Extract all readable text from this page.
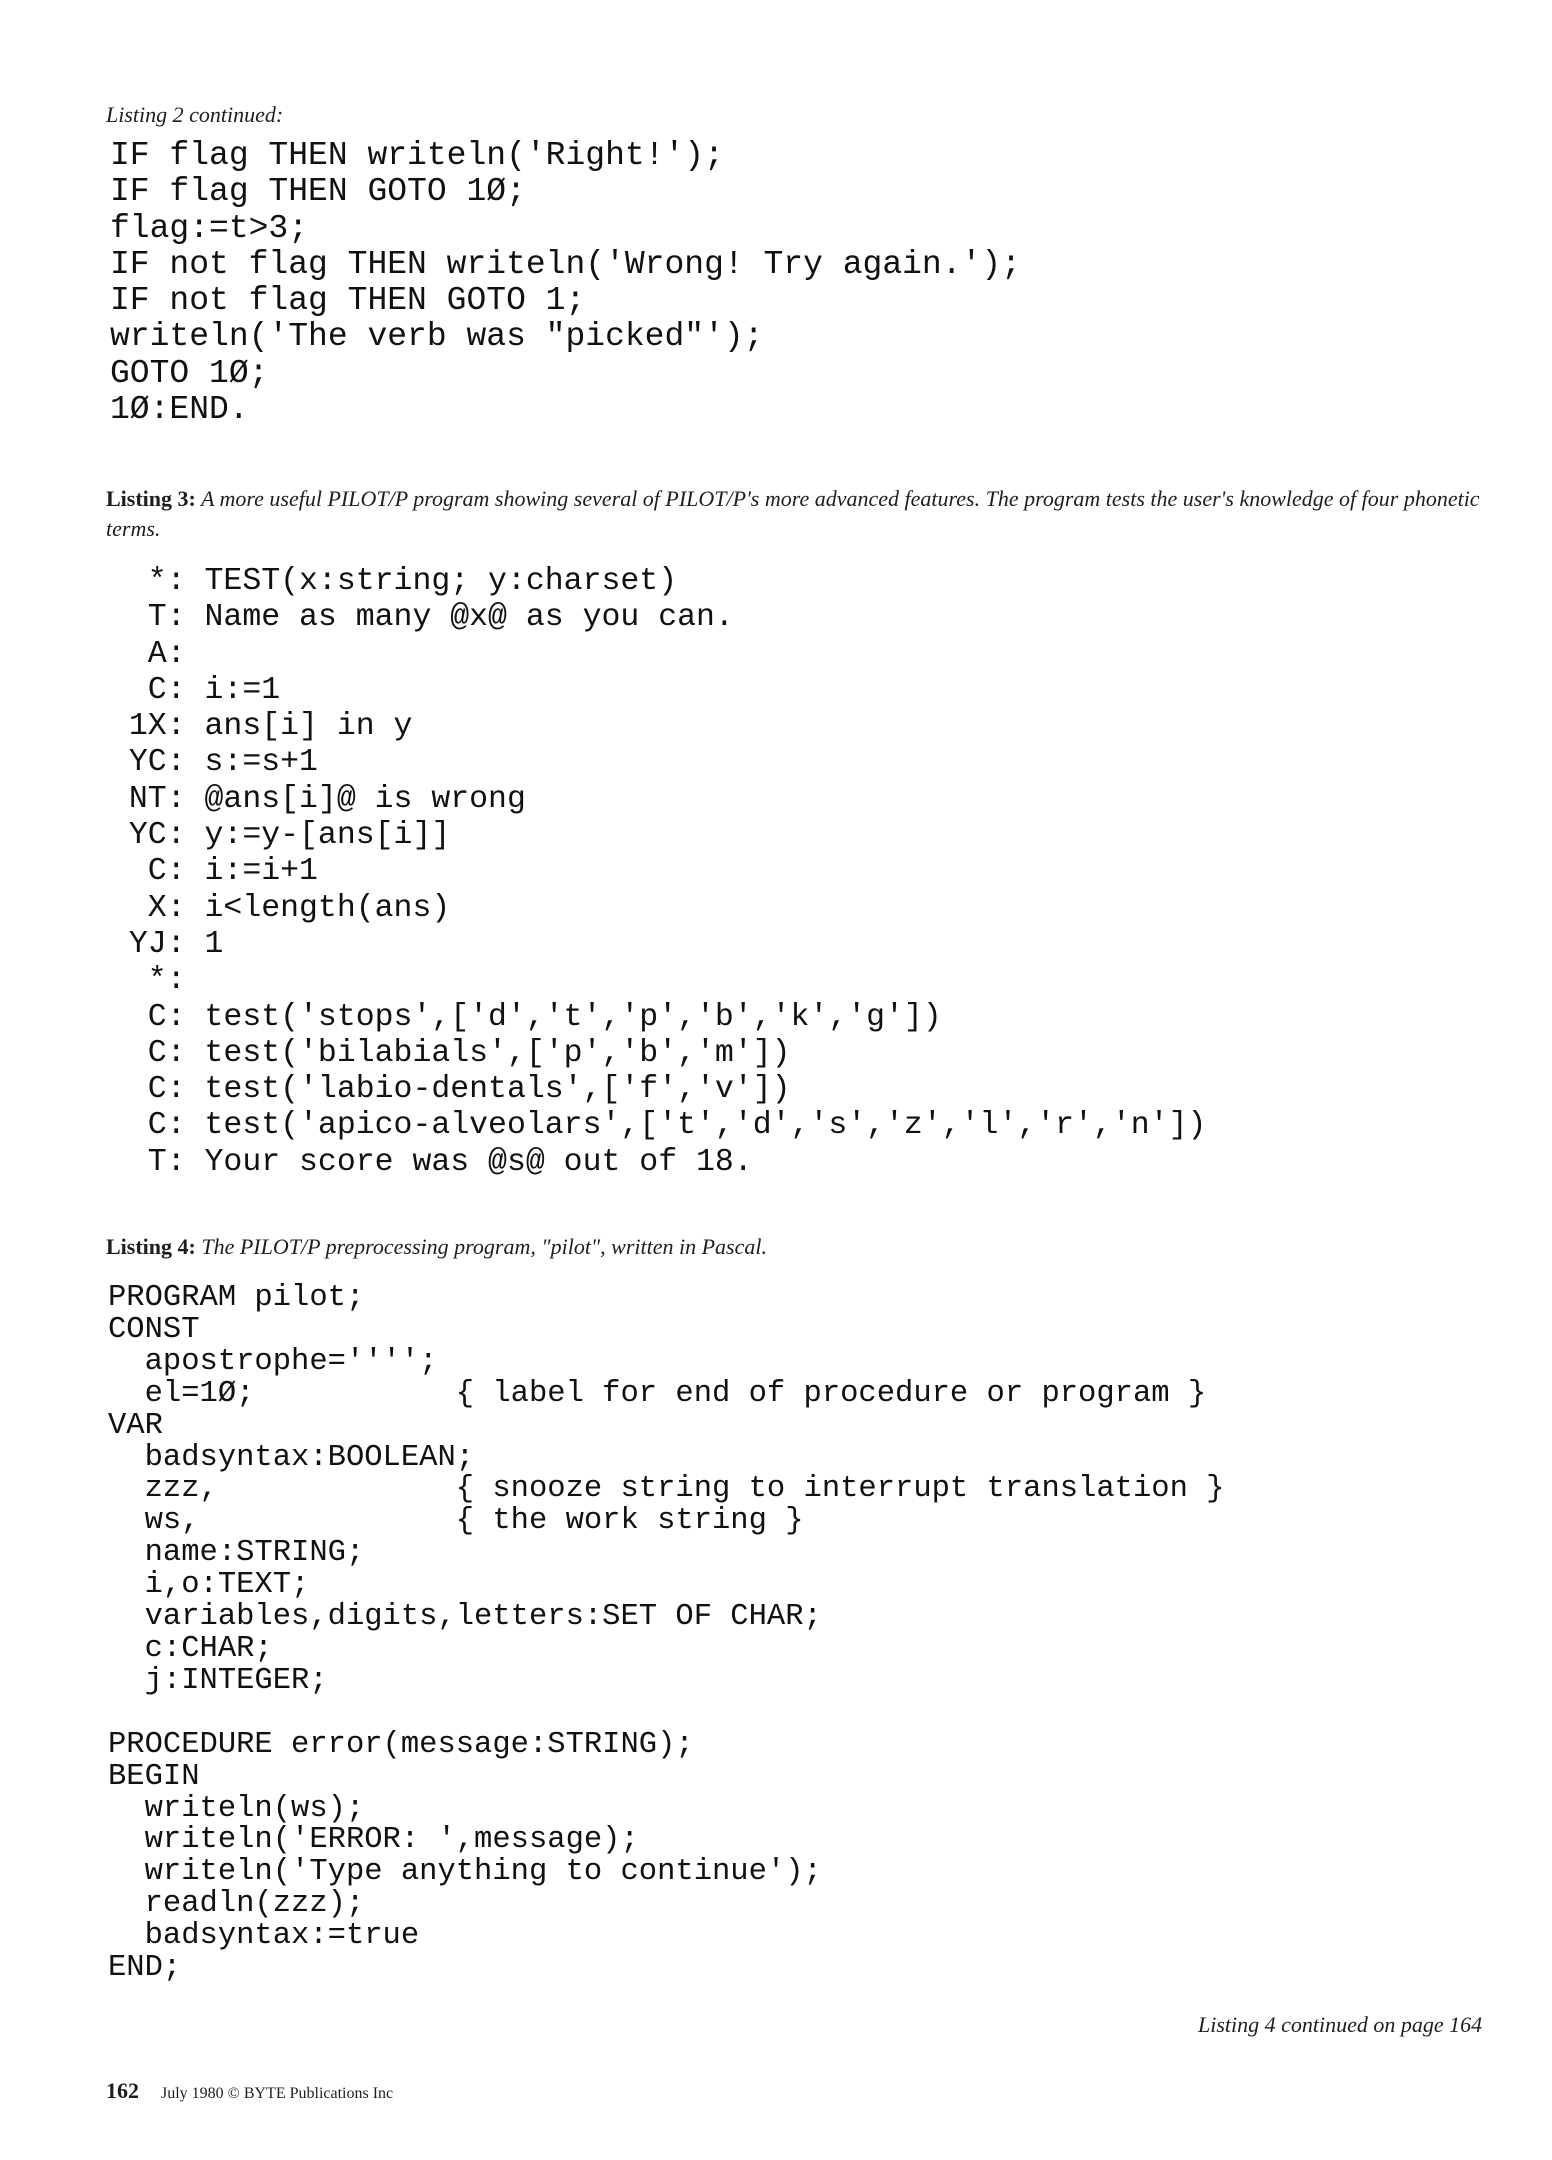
Listing 2 continued:

IF flag THEN writeln('Right!');
IF flag THEN GOTO 1Ø;
flag:=t>3;
IF not flag THEN writeln('Wrong! Try again.');
IF not flag THEN GOTO 1;
writeln('The verb was "picked"');
GOTO 1Ø;
1Ø:END.

Listing 3: A more useful PILOT/P program showing several of PILOT/P's more advanced features. The program tests the user's knowledge of four phonetic terms.

*: TEST(x:string; y:charset)
T: Name as many @x@ as you can.
A:
C: i:=1
1X: ans[i] in y
YC: s:=s+1
NT: @ans[i]@ is wrong
YC: y:=y-[ans[i]]
C: i:=i+1
X: i<length(ans)
YJ: 1
*:
C: test('stops',['d','t','p','b','k','g'])
C: test('bilabials',['p','b','m'])
C: test('labio-dentals',['f','v'])
C: test('apico-alveolars',['t','d','s','z','l','r','n'])
T: Your score was @s@ out of 18.

Listing 4: The PILOT/P preprocessing program, "pilot", written in Pascal.

PROGRAM pilot;
CONST
apostrophe='''';
el=1Ø;           { label for end of procedure or program }
VAR
badsyntax:BOOLEAN;
zzz,             { snooze string to interrupt translation }
ws,              { the work string }
name:STRING;
i,o:TEXT;
variables,digits,letters:SET OF CHAR;
c:CHAR;
j:INTEGER;

PROCEDURE error(message:STRING);
BEGIN
writeln(ws);
writeln('ERROR: ',message);
writeln('Type anything to continue');
readln(zzz);
badsyntax:=true
END;

Listing 4 continued on page 164

162 July 1980 © BYTE Publications Inc
